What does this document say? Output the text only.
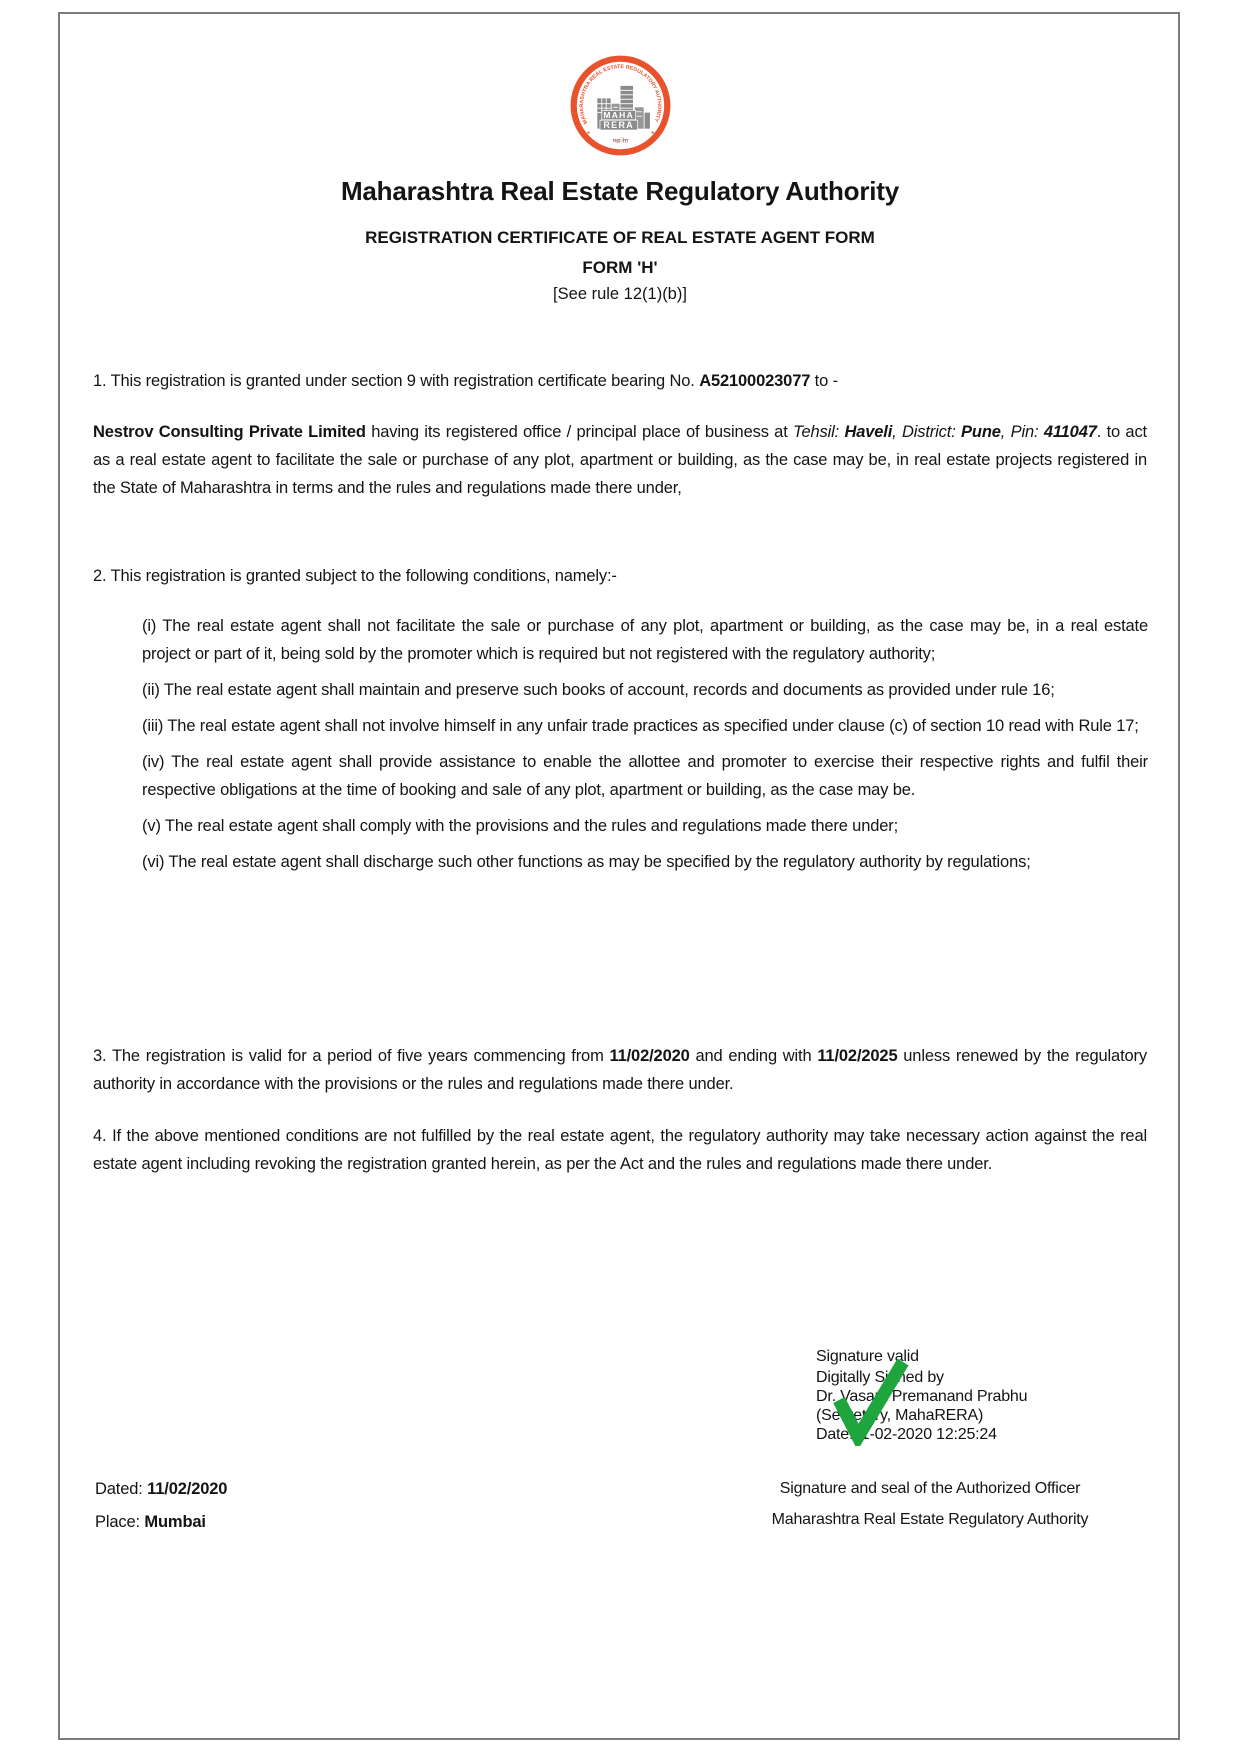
MAHARASHTRA REAL ESTATE REGULATORY AUTHORITY
MAHA
RERA
★	★
महा-रेरा
Maharashtra Real Estate Regulatory Authority
REGISTRATION CERTIFICATE OF REAL ESTATE AGENT FORM
FORM 'H'
[See rule 12(1)(b)]

1. This registration is granted under section 9 with registration certificate bearing No. A52100023077 to -

Nestrov Consulting Private Limited having its registered office / principal place of business at Tehsil: Haveli, District: Pune, Pin: 411047. to act as a real estate agent to facilitate the sale or purchase of any plot, apartment or building, as the case may be, in real estate projects registered in the State of Maharashtra in terms and the rules and regulations made there under,

2. This registration is granted subject to the following conditions, namely:-

(i) The real estate agent shall not facilitate the sale or purchase of any plot, apartment or building, as the case may be, in a real estate project or part of it, being sold by the promoter which is required but not registered with the regulatory authority;

(ii) The real estate agent shall maintain and preserve such books of account, records and documents as provided under rule 16;

(iii) The real estate agent shall not involve himself in any unfair trade practices as specified under clause (c) of section 10 read with Rule 17;

(iv) The real estate agent shall provide assistance to enable the allottee and promoter to exercise their respective rights and fulfil their respective obligations at the time of booking and sale of any plot, apartment or building, as the case may be.

(v) The real estate agent shall comply with the provisions and the rules and regulations made there under;

(vi) The real estate agent shall discharge such other functions as may be specified by the regulatory authority by regulations;

3. The registration is valid for a period of five years commencing from 11/02/2020 and ending with 11/02/2025 unless renewed by the regulatory authority in accordance with the provisions or the rules and regulations made there under.

4. If the above mentioned conditions are not fulfilled by the real estate agent, the regulatory authority may take necessary action against the real estate agent including revoking the registration granted herein, as per the Act and the rules and regulations made there under.

Signature valid
Digitally Signed by
Dr. Vasant Premanand Prabhu
(Secretary, MahaRERA)
Date:11-02-2020 12:25:24
Dated: 11/02/2020
Place: Mumbai
Signature and seal of the Authorized Officer
Maharashtra Real Estate Regulatory Authority
